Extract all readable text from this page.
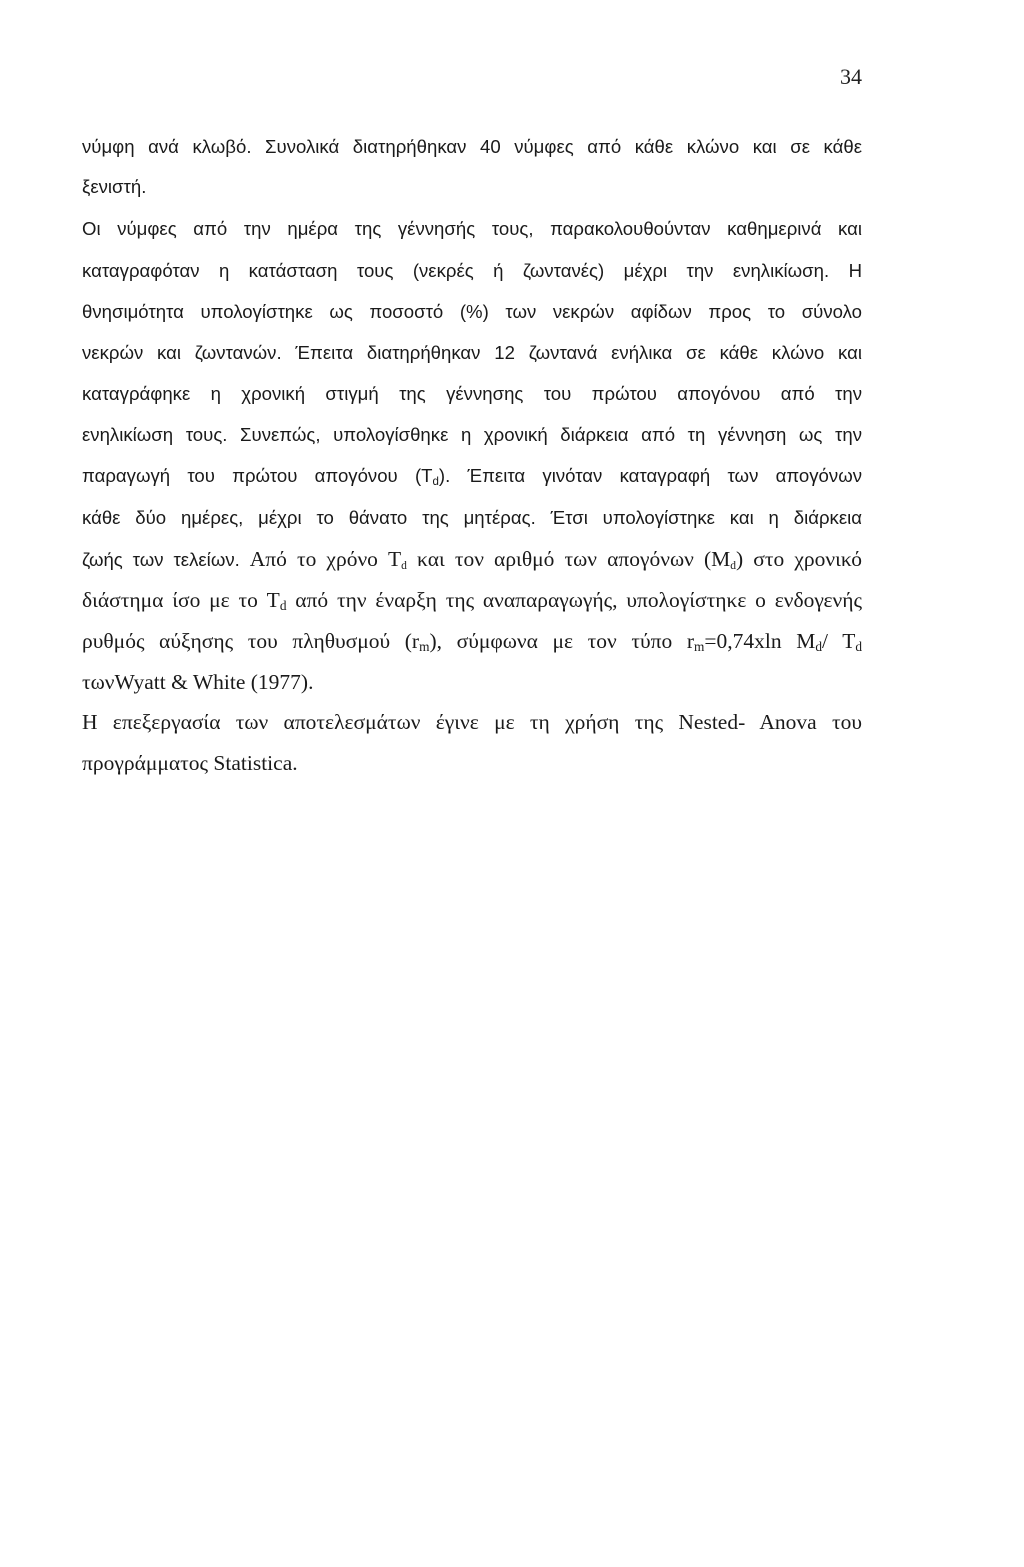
34
νύμφη ανά κλωβό. Συνολικά διατηρήθηκαν 40 νύμφες από κάθε κλώνο και σε κάθε
ξενιστή.
Οι νύμφες από την ημέρα της γέννησής τους, παρακολουθούνταν καθημερινά και
καταγραφόταν η κατάσταση τους (νεκρές ή ζωντανές) μέχρι την ενηλικίωση. Η
θνησιμότητα υπολογίστηκε ως ποσοστό (%) των νεκρών αφίδων προς το σύνολο
νεκρών και ζωντανών. Έπειτα διατηρήθηκαν 12 ζωντανά ενήλικα σε κάθε κλώνο και
καταγράφηκε η χρονική στιγμή της γέννησης του πρώτου απογόνου από την
ενηλικίωση τους. Συνεπώς, υπολογίσθηκε η χρονική διάρκεια από τη γέννηση ως την
παραγωγή του πρώτου απογόνου $(T_d)$. Έπειτα γινόταν καταγραφή των απογόνων
κάθε δύο ημέρες, μέχρι το θάνατο της μητέρας. Έτσι υπολογίστηκε και η διάρκεια
ζωής των τελείων. Από το χρόνο $T_d$ και τον αριθμό των απογόνων $(M_d)$ στο χρονικό
διάστημα ίσο με το $T_d$ από την έναρξη της αναπαραγωγής, υπολογίστηκε ο ενδογενής
ρυθμός αύξησης του πληθυσμού $(r_m)$, σύμφωνα με τον τύπο $r_m=0,74xln$ $M_d/$ $T_d$
τωνWyatt & White (1977).
Η επεξεργασία των αποτελεσμάτων έγινε με τη χρήση της Nested- Anova του
προγράμματος Statistica.
